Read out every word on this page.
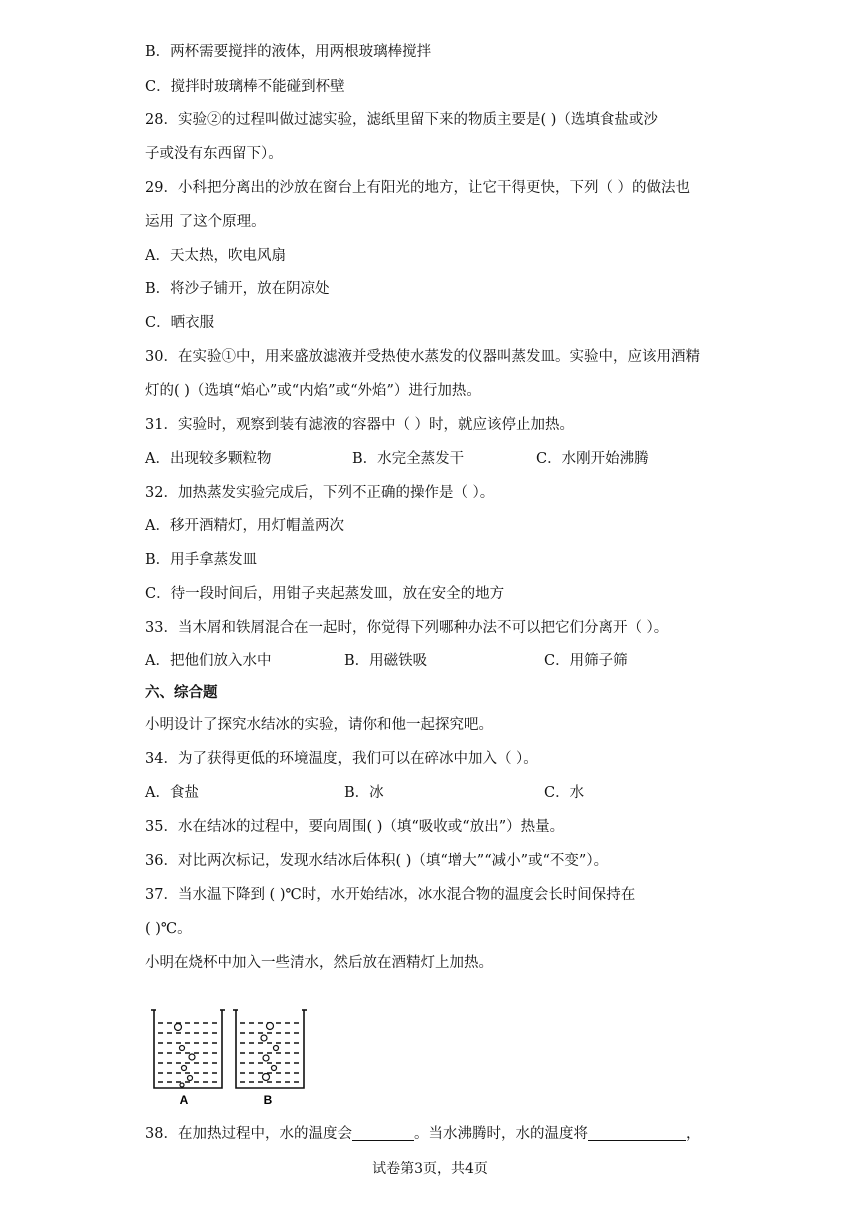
B．两杯需要搅拌的液体，用两根玻璃棒搅拌
C．搅拌时玻璃棒不能碰到杯壁
28．实验②的过程叫做过滤实验，滤纸里留下来的物质主要是( )（选填食盐或沙
子或没有东西留下）。
29．小科把分离出的沙放在窗台上有阳光的地方，让它干得更快，下列（ ）的做法也
运用 了这个原理。
A．天太热，吹电风扇
B．将沙子铺开，放在阴凉处
C．晒衣服
30．在实验①中，用来盛放滤液并受热使水蒸发的仪器叫蒸发皿。实验中，应该用酒精
灯的( )（选填“焰心”或“内焰”或“外焰”）进行加热。
31．实验时，观察到装有滤液的容器中（ ）时，就应该停止加热。
A．出现较多颗粒物	B．水完全蒸发干	C．水刚开始沸腾
32．加热蒸发实验完成后，下列不正确的操作是（ ）。
A．移开酒精灯，用灯帽盖两次
B．用手拿蒸发皿
C．待一段时间后，用钳子夹起蒸发皿，放在安全的地方
33．当木屑和铁屑混合在一起时，你觉得下列哪种办法不可以把它们分离开（ ）。
A．把他们放入水中	B．用磁铁吸	C．用筛子筛
六、综合题
小明设计了探究水结冰的实验，请你和他一起探究吧。
34．为了获得更低的环境温度，我们可以在碎冰中加入（ ）。
A．食盐	B．冰	C．水
35．水在结冰的过程中，要向周围( )（填“吸收或“放出”）热量。
36．对比两次标记，发现水结冰后体积( )（填“增大”“减小”或“不变”）。
37．当水温下降到 ( )℃时，水开始结冰，冰水混合物的温度会长时间保持在
( )℃。
小明在烧杯中加入一些清水，然后放在酒精灯上加热。
A	B
38．在加热过程中，水的温度会	。当水沸腾时，水的温度将	，
试卷第3页，共4页
